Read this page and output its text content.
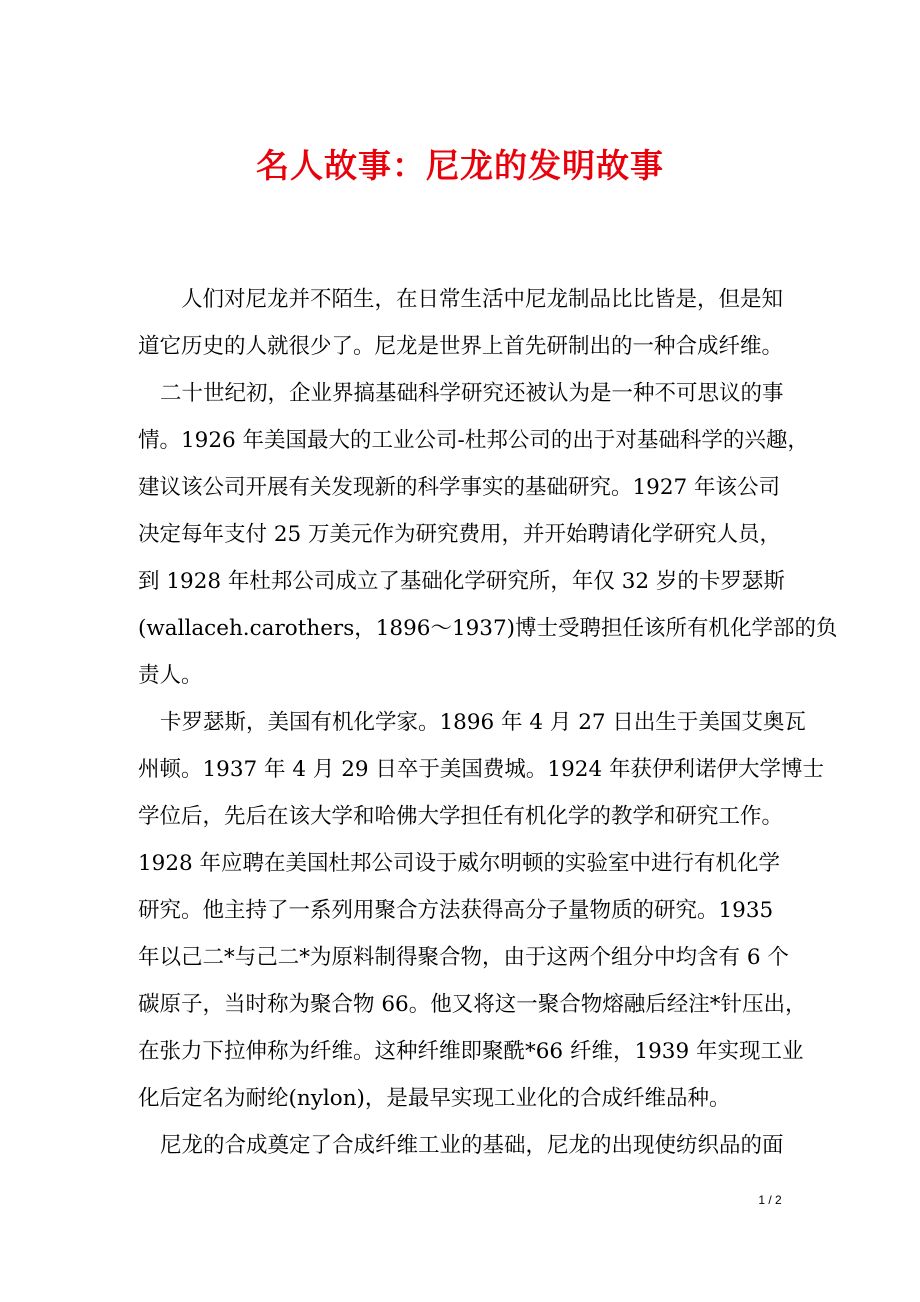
名人故事：尼龙的发明故事
人们对尼龙并不陌生，在日常生活中尼龙制品比比皆是，但是知
道它历史的人就很少了。尼龙是世界上首先研制出的一种合成纤维。
二十世纪初，企业界搞基础科学研究还被认为是一种不可思议的事
情。1926 年美国最大的工业公司-杜邦公司的出于对基础科学的兴趣，
建议该公司开展有关发现新的科学事实的基础研究。1927 年该公司
决定每年支付 25 万美元作为研究费用，并开始聘请化学研究人员，
到 1928 年杜邦公司成立了基础化学研究所，年仅 32 岁的卡罗瑟斯
(wallaceh.carothers，1896～1937)博士受聘担任该所有机化学部的负
责人。
卡罗瑟斯，美国有机化学家。1896 年 4 月 27 日出生于美国艾奥瓦
州顿。1937 年 4 月 29 日卒于美国费城。1924 年获伊利诺伊大学博士
学位后，先后在该大学和哈佛大学担任有机化学的教学和研究工作。
1928 年应聘在美国杜邦公司设于威尔明顿的实验室中进行有机化学
研究。他主持了一系列用聚合方法获得高分子量物质的研究。1935
年以己二*与己二*为原料制得聚合物，由于这两个组分中均含有 6 个
碳原子，当时称为聚合物 66。他又将这一聚合物熔融后经注*针压出，
在张力下拉伸称为纤维。这种纤维即聚酰*66 纤维，1939 年实现工业
化后定名为耐纶(nylon)，是最早实现工业化的合成纤维品种。
尼龙的合成奠定了合成纤维工业的基础，尼龙的出现使纺织品的面
1 / 2
